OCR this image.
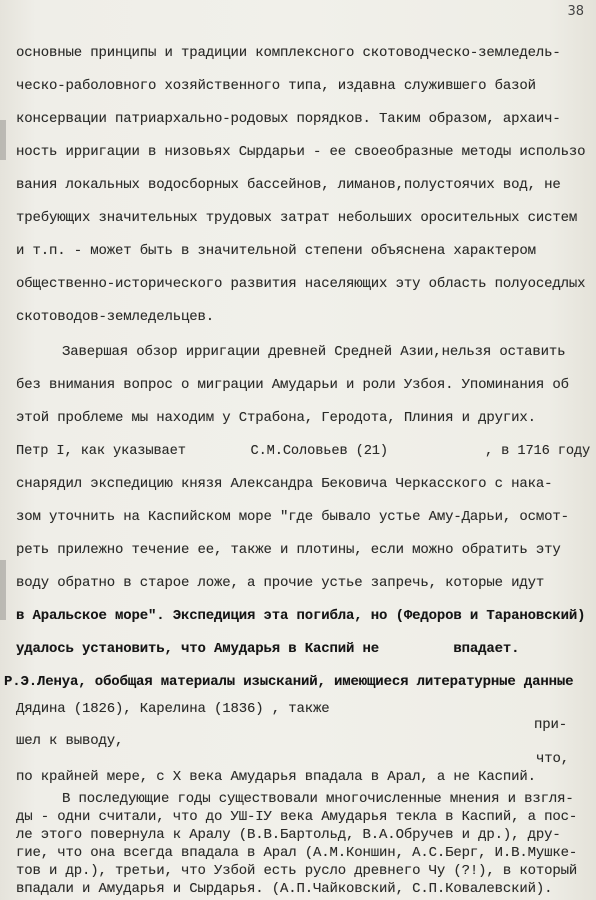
38
основные принципы и традиции комплексного скотоводческо-земледель-
ческо-раболовного хозяйственного типа, издавна служившего базой
консервации патриархально-родовых порядков. Таким образом, архаич-
ность ирригации в низовьях Сырдарьи - ее своеобразные методы использо
вания локальных водосборных бассейнов, лиманов,полустоячих вод, не
требующих значительных трудовых затрат небольших оросительных систем
и т.п. - может быть в значительной степени объяснена характером
общественно-исторического развития населяющих эту область полуоседлых
скотоводов-земледельцев.
Завершая обзор ирригации древней Средней Азии,нельзя оставить
без внимания вопрос о миграции Амударьи и роли Узбоя. Упоминания об
этой проблеме мы находим у Страбона, Геродота, Плиния и других.
Петр I, как указывает        С.М.Соловьев (21)            , в 1716 году
снарядил экспедицию князя Александра Бековича Черкасского с нака-
зом уточнить на Каспийском море "где бывало устье Аму-Дарьи, осмот-
реть прилежно течение ее, также и плотины, если можно обратить эту
воду обратно в старое ложе, а прочие устье запречь, которые идут
в Аральское море". Экспедиция эта погибла, но (Федоров и Тарановский)
удалось установить, что Амударья в Каспий не         впадает.
Р.Э.Ленуа, обобщая материалы изысканий, имеющиеся литературные данные
Дядина (1826), Карелина (1836) , также
при-
шел к выводу,
что,
по крайней мере, с X века Амударья впадала в Арал, а не Каспий.
В последующие годы существовали многочисленные мнения и взгля-
ды - одни считали, что до УШ-IУ века Амударья текла в Каспий, а пос-
ле этого повернула к Аралу (В.В.Бартольд, В.А.Обручев и др.), дру-
гие, что она всегда впадала в Арал (А.М.Коншин, А.С.Берг, И.В.Мушке-
тов и др.), третьи, что Узбой есть русло древнего Чу (?!), в который
впадали и Амударья и Сырдарья. (А.П.Чайковский, С.П.Ковалевский).
